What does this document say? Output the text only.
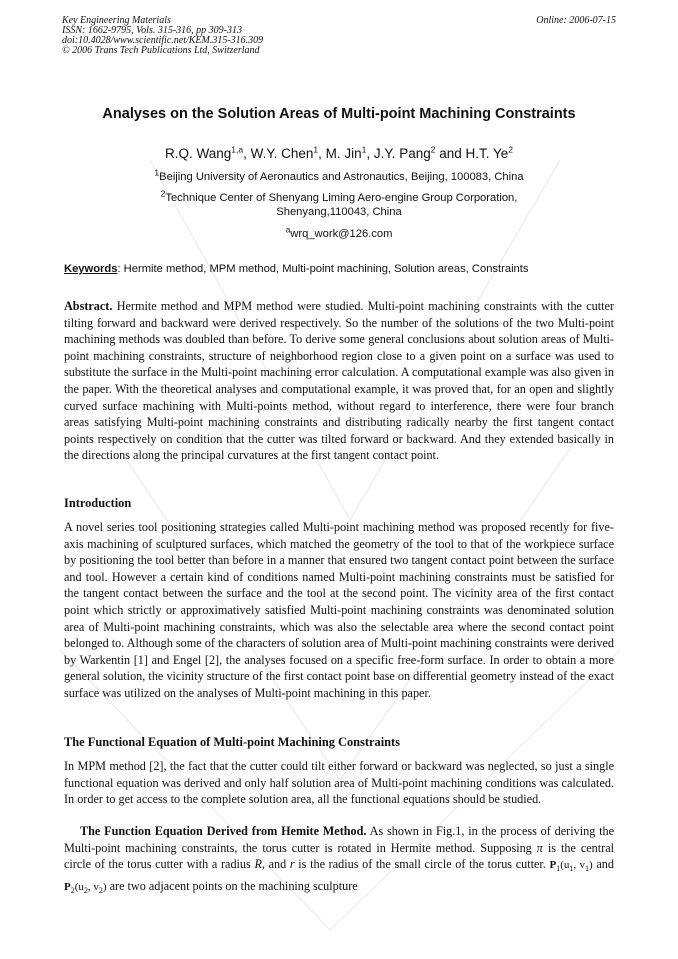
Key Engineering Materials
ISSN: 1662-9795, Vols. 315-316, pp 309-313
doi:10.4028/www.scientific.net/KEM.315-316.309
© 2006 Trans Tech Publications Ltd, Switzerland
Online: 2006-07-15
Analyses on the Solution Areas of Multi-point Machining Constraints
R.Q. Wang$^{1,a}$, W.Y. Chen$^1$, M. Jin$^1$, J.Y. Pang$^2$ and H.T. Ye$^2$
$^1$Beijing University of Aeronautics and Astronautics, Beijing, 100083, China
$^2$Technique Center of Shenyang Liming Aero-engine Group Corporation,
Shenyang,110043, China
$^a$wrq_work@126.com
Keywords: Hermite method, MPM method, Multi-point machining, Solution areas, Constraints

Abstract. Hermite method and MPM method were studied. Multi-point machining constraints with the cutter tilting forward and backward were derived respectively. So the number of the solutions of the two Multi-point machining methods was doubled than before. To derive some general conclusions about solution areas of Multi-point machining constraints, structure of neighborhood region close to a given point on a surface was used to substitute the surface in the Multi-point machining error calculation. A computational example was also given in the paper. With the theoretical analyses and computational example, it was proved that, for an open and slightly curved surface machining with Multi-points method, without regard to interference, there were four branch areas satisfying Multi-point machining constraints and distributing radically nearby the first tangent contact points respectively on condition that the cutter was tilted forward or backward. And they extended basically in the directions along the principal curvatures at the first tangent contact point.

Introduction

A novel series tool positioning strategies called Multi-point machining method was proposed recently for five-axis machining of sculptured surfaces, which matched the geometry of the tool to that of the workpiece surface by positioning the tool better than before in a manner that ensured two tangent contact point between the surface and tool. However a certain kind of conditions named Multi-point machining constraints must be satisfied for the tangent contact between the surface and the tool at the second point. The vicinity area of the first contact point which strictly or approximatively satisfied Multi-point machining constraints was denominated solution area of Multi-point machining constraints, which was also the selectable area where the second contact point belonged to. Although some of the characters of solution area of Multi-point machining constraints were derived by Warkentin [1] and Engel [2], the analyses focused on a specific free-form surface. In order to obtain a more general solution, the vicinity structure of the first contact point base on differential geometry instead of the exact surface was utilized on the analyses of Multi-point machining in this paper.

The Functional Equation of Multi-point Machining Constraints

In MPM method [2], the fact that the cutter could tilt either forward or backward was neglected, so just a single functional equation was derived and only half solution area of Multi-point machining conditions was calculated. In order to get access to the complete solution area, all the functional equations should be studied.

The Function Equation Derived from Hemite Method. As shown in Fig.1, in the process of deriving the Multi-point machining constraints, the torus cutter is rotated in Hermite method. Supposing π is the central circle of the torus cutter with a radius R, and r is the radius of the small circle of the torus cutter. $P_1(u_1$, $v_1$) and $P_2(u_2$, $v_2$) are two adjacent points on the machining sculpture
